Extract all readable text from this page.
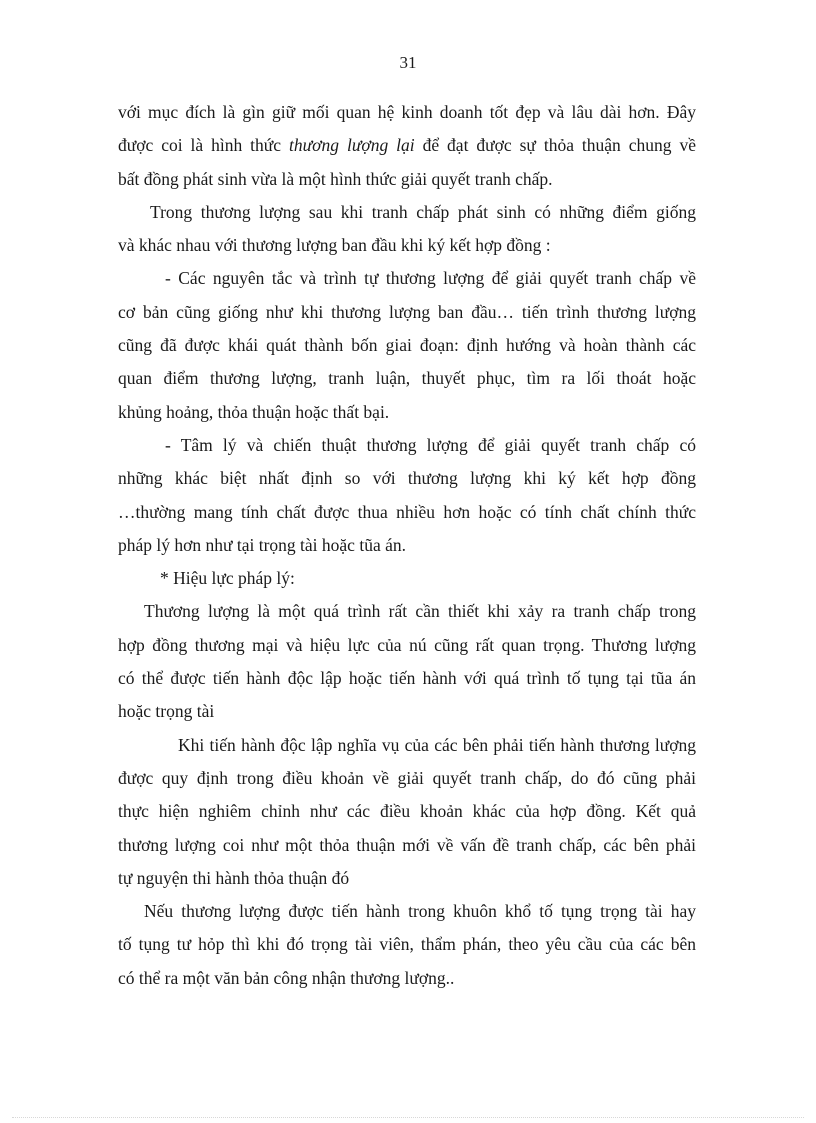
31
với mục đích là gìn giữ mối quan hệ kinh doanh tốt đẹp và lâu dài hơn. Đây
được coi là hình thức thương lượng lại để đạt được sự thỏa thuận chung về
bất đồng phát sinh vừa là một hình thức giải quyết tranh chấp.
Trong thương lượng sau khi tranh chấp phát sinh có những điểm giống
và khác nhau với thương lượng ban đầu khi ký kết hợp đồng :
- Các nguyên tắc và trình tự thương lượng để giải quyết tranh chấp về
cơ bản cũng giống như khi thương lượng ban đầu… tiến trình thương lượng
cũng đã được khái quát thành bốn giai đoạn: định hướng và hoàn thành các
quan điểm thương lượng, tranh luận, thuyết phục, tìm ra lối thoát hoặc
khủng hoảng, thỏa thuận hoặc thất bại.
- Tâm lý và chiến thuật thương lượng để giải quyết tranh chấp có
những khác biệt nhất định so với thương lượng khi ký kết hợp đồng
…thường mang tính chất được thua nhiều hơn hoặc có tính chất chính thức
pháp lý hơn như tại trọng tài hoặc tũa án.
* Hiệu lực pháp lý:
Thương lượng là một quá trình rất cần thiết khi xảy ra tranh chấp trong
hợp đồng thương mại và hiệu lực của nú cũng rất quan trọng. Thương lượng
có thể được tiến hành độc lập hoặc tiến hành với quá trình tố tụng tại tũa án
hoặc trọng tài
Khi tiến hành độc lập nghĩa vụ của các bên phải tiến hành thương lượng
được quy định trong điều khoản về giải quyết tranh chấp, do đó cũng phải
thực hiện nghiêm chỉnh như các điều khoản khác của hợp đồng. Kết quả
thương lượng coi như một thỏa thuận mới về vấn đề tranh chấp, các bên phải
tự nguyện thi hành thỏa thuận đó
Nếu thương lượng được tiến hành trong khuôn khổ tố tụng trọng tài hay
tố tụng tư hỏp thì khi đó trọng tài viên, thẩm phán, theo yêu cầu của các bên
có thể ra một văn bản công nhận thương lượng..
